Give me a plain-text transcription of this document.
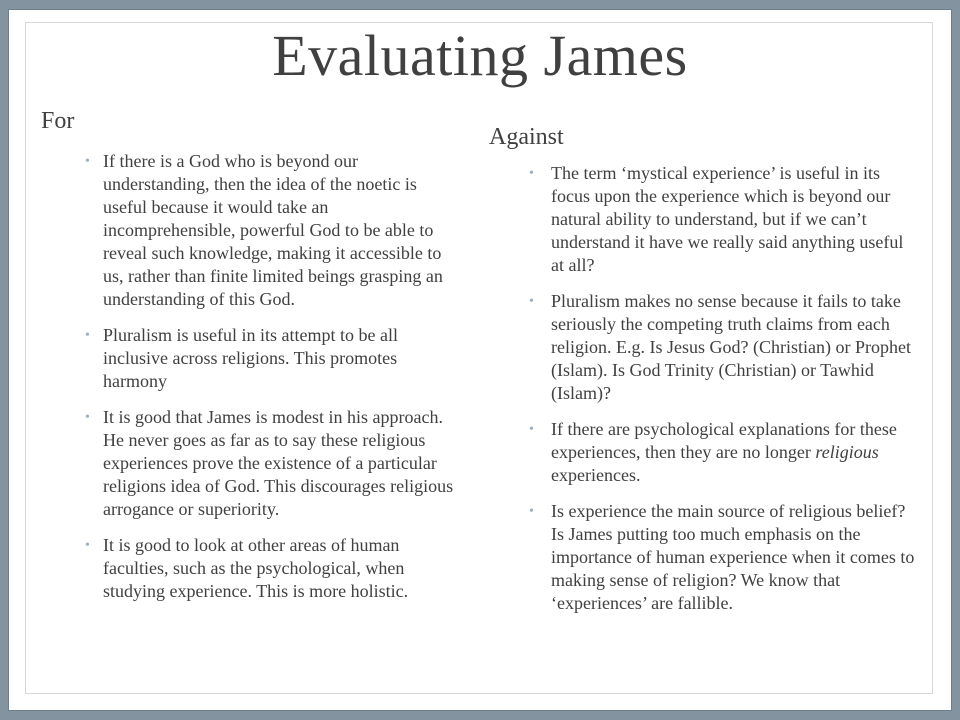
Evaluating James
For
• If there is a God who is beyond our understanding, then the idea of the noetic is useful because it would take an incomprehensible, powerful God to be able to reveal such knowledge, making it accessible to us, rather than finite limited beings grasping an understanding of this God.
• Pluralism is useful in its attempt to be all inclusive across religions. This promotes harmony
• It is good that James is modest in his approach. He never goes as far as to say these religious experiences prove the existence of a particular religions idea of God. This discourages religious arrogance or superiority.
• It is good to look at other areas of human faculties, such as the psychological, when studying experience. This is more holistic.
Against
• The term ‘mystical experience’ is useful in its focus upon the experience which is beyond our natural ability to understand, but if we can’t understand it have we really said anything useful at all?
• Pluralism makes no sense because it fails to take seriously the competing truth claims from each religion. E.g. Is Jesus God? (Christian) or Prophet (Islam). Is God Trinity (Christian) or Tawhid (Islam)?
• If there are psychological explanations for these experiences, then they are no longer religious experiences.
• Is experience the main source of religious belief? Is James putting too much emphasis on the importance of human experience when it comes to making sense of religion? We know that ‘experiences’ are fallible.
